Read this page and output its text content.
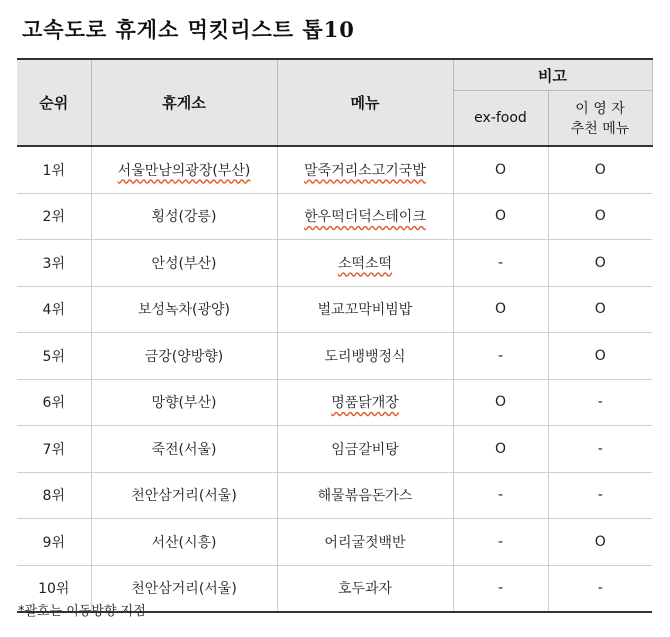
고속도로 휴게소 먹킷리스트 톱10
순위	휴게소	메뉴	비고	
			ex-food	이 영 자
추천 메뉴

1위	서울만남의광장(부산)	말죽거리소고기국밥	O	O
2위	횡성(강릉)	한우떡더덕스테이크	O	O
3위	안성(부산)	소떡소떡	-	O
4위	보성녹차(광양)	벌교꼬막비빔밥	O	O
5위	금강(양방향)	도리뱅뱅정식	-	O
6위	망향(부산)	명품닭개장	O	-
7위	죽전(서울)	임금갈비탕	O	-
8위	천안삼거리(서울)	해물볶음돈가스	-	-
9위	서산(시흥)	어리굴젓백반	-	O
10위	천안삼거리(서울)	호두과자	-	-
*괄호는 이동방향 지점
